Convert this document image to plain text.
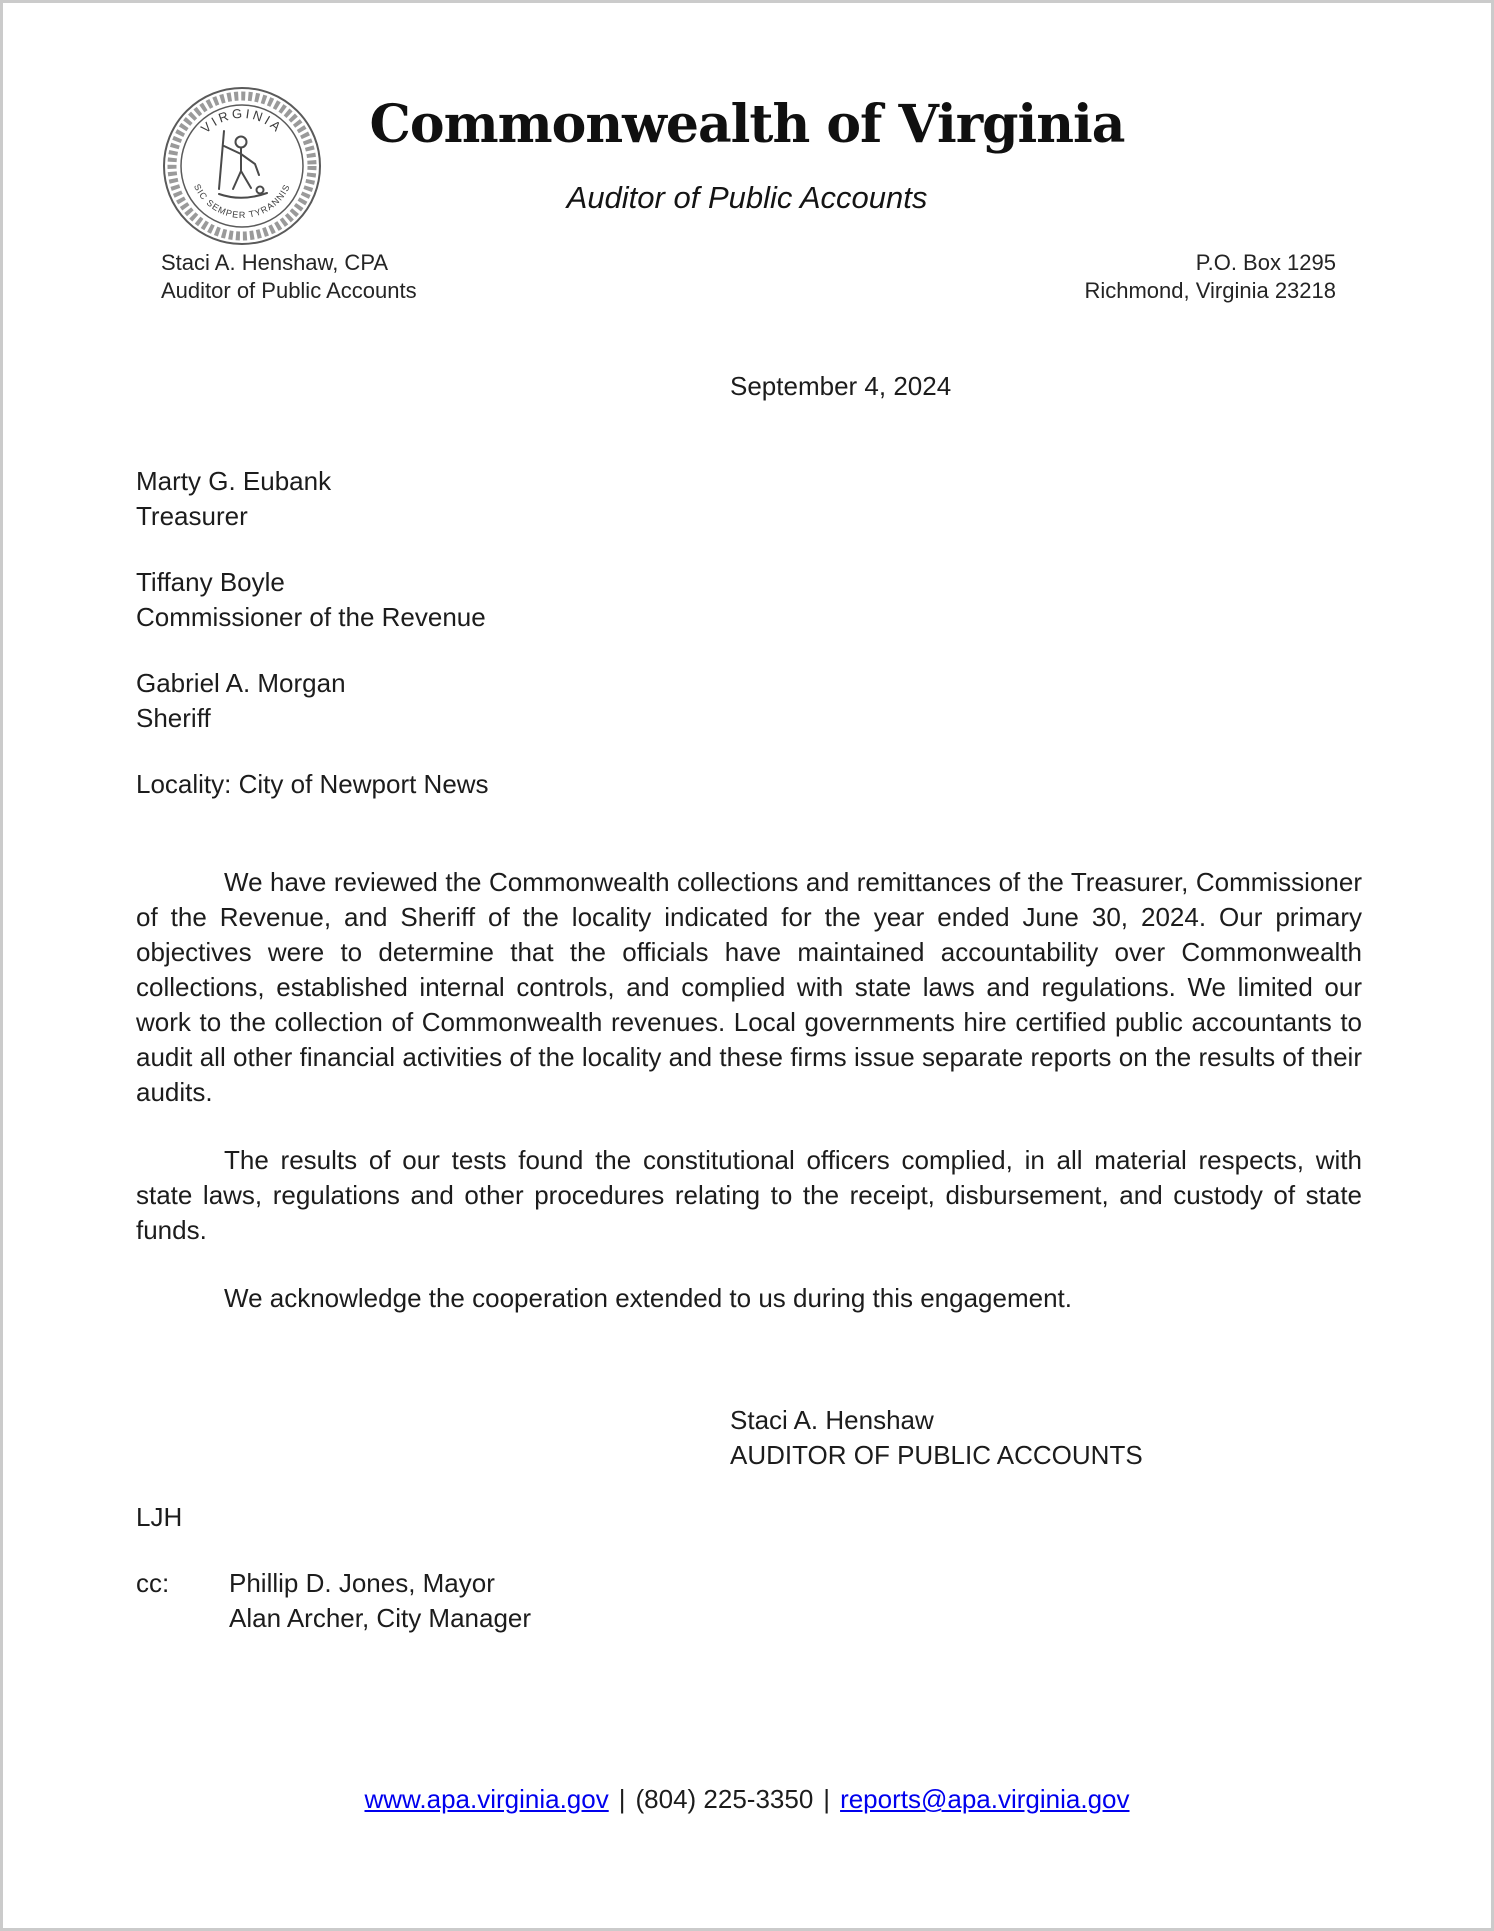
VIRGINIA
SIC SEMPER TYRANNIS
Commonwealth of Virginia
Auditor of Public Accounts
Staci A. Henshaw, CPA
Auditor of Public Accounts
P.O. Box 1295
Richmond, Virginia 23218
September 4, 2024
Marty G. Eubank
Treasurer
Tiffany Boyle
Commissioner of the Revenue
Gabriel A. Morgan
Sheriff
Locality: City of Newport News

We have reviewed the Commonwealth collections and remittances of the Treasurer, Commissioner of the Revenue, and Sheriff of the locality indicated for the year ended June 30, 2024. Our primary objectives were to determine that the officials have maintained accountability over Commonwealth collections, established internal controls, and complied with state laws and regulations. We limited our work to the collection of Commonwealth revenues. Local governments hire certified public accountants to audit all other financial activities of the locality and these firms issue separate reports on the results of their audits.

The results of our tests found the constitutional officers complied, in all material respects, with state laws, regulations and other procedures relating to the receipt, disbursement, and custody of state funds.

We acknowledge the cooperation extended to us during this engagement.

Staci A. Henshaw
AUDITOR OF PUBLIC ACCOUNTS
LJH
cc:	Phillip D. Jones, Mayor
Alan Archer, City Manager
www.apa.virginia.gov | (804) 225-3350 | reports@apa.virginia.gov
